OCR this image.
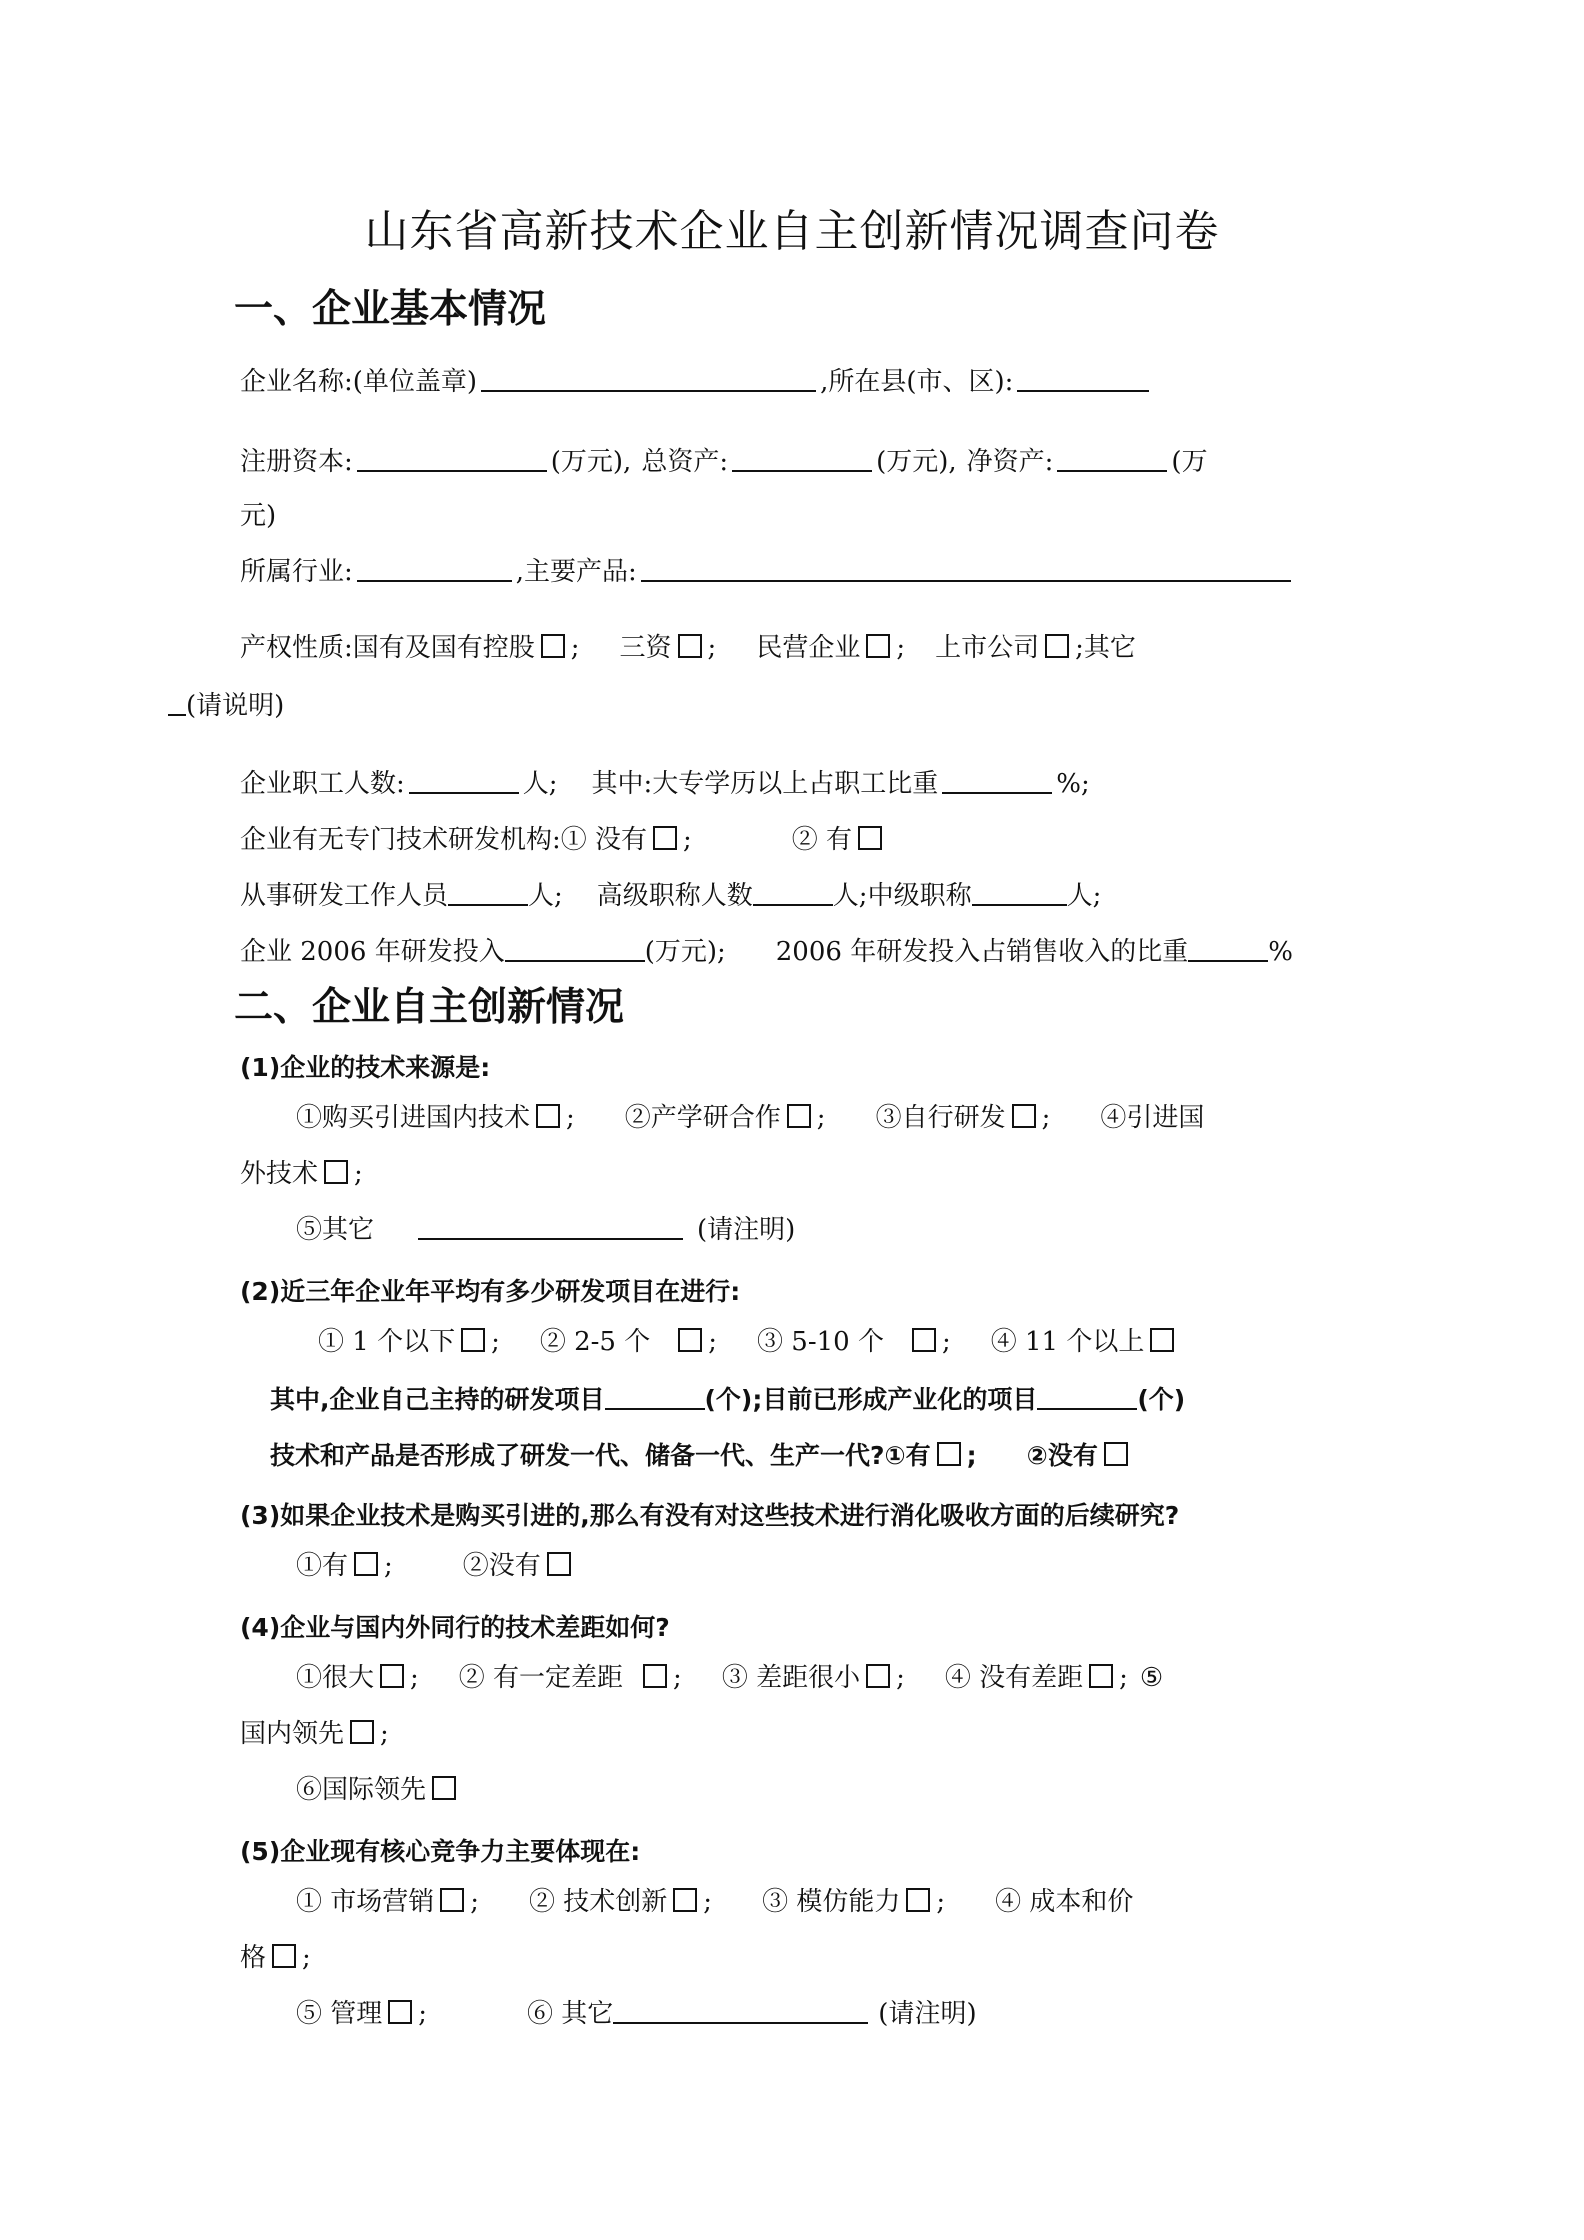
山东省高新技术企业自主创新情况调查问卷
一、企业基本情况
企业名称:(单位盖章)	,所在县(市、区):
注册资本:	(万元), 总资产:	(万元), 净资产:	(万
元)
所属行业:	,主要产品:
产权性质:国有及国有控股 ; 三资 ; 民营企业 ; 上市公司 ;其它
(请说明)
企业职工人数:	人; 其中:大专学历以上占职工比重	%;
企业有无专门技术研发机构:① 没有 ;	② 有
从事研发工作人员	人; 高级职称人数	人;中级职称	人;
企业 2006 年研发投入	(万元); 2006 年研发投入占销售收入的比重	%
二、企业自主创新情况
(1)企业的技术来源是:
①购买引进国内技术 ; ②产学研合作 ; ③自行研发 ; ④引进国
外技术 ;
⑤其它	(请注明)
(2)近三年企业年平均有多少研发项目在进行:
① 1 个以下 ; ② 2-5 个 ; ③ 5-10 个 ; ④ 11 个以上
其中,企业自己主持的研发项目	(个);目前已形成产业化的项目	(个)
技术和产品是否形成了研发一代、储备一代、生产一代?①有 ; ②没有
(3)如果企业技术是购买引进的,那么有没有对这些技术进行消化吸收方面的后续研究?
①有 ;	②没有
(4)企业与国内外同行的技术差距如何?
①很大 ; ② 有一定差距 ; ③ 差距很小 ; ④ 没有差距 ; ⑤
国内领先 ;
⑥国际领先
(5)企业现有核心竞争力主要体现在:
① 市场营销 ; ② 技术创新 ; ③ 模仿能力 ; ④ 成本和价
格 ;
⑤ 管理 ;	⑥ 其它	(请注明)
